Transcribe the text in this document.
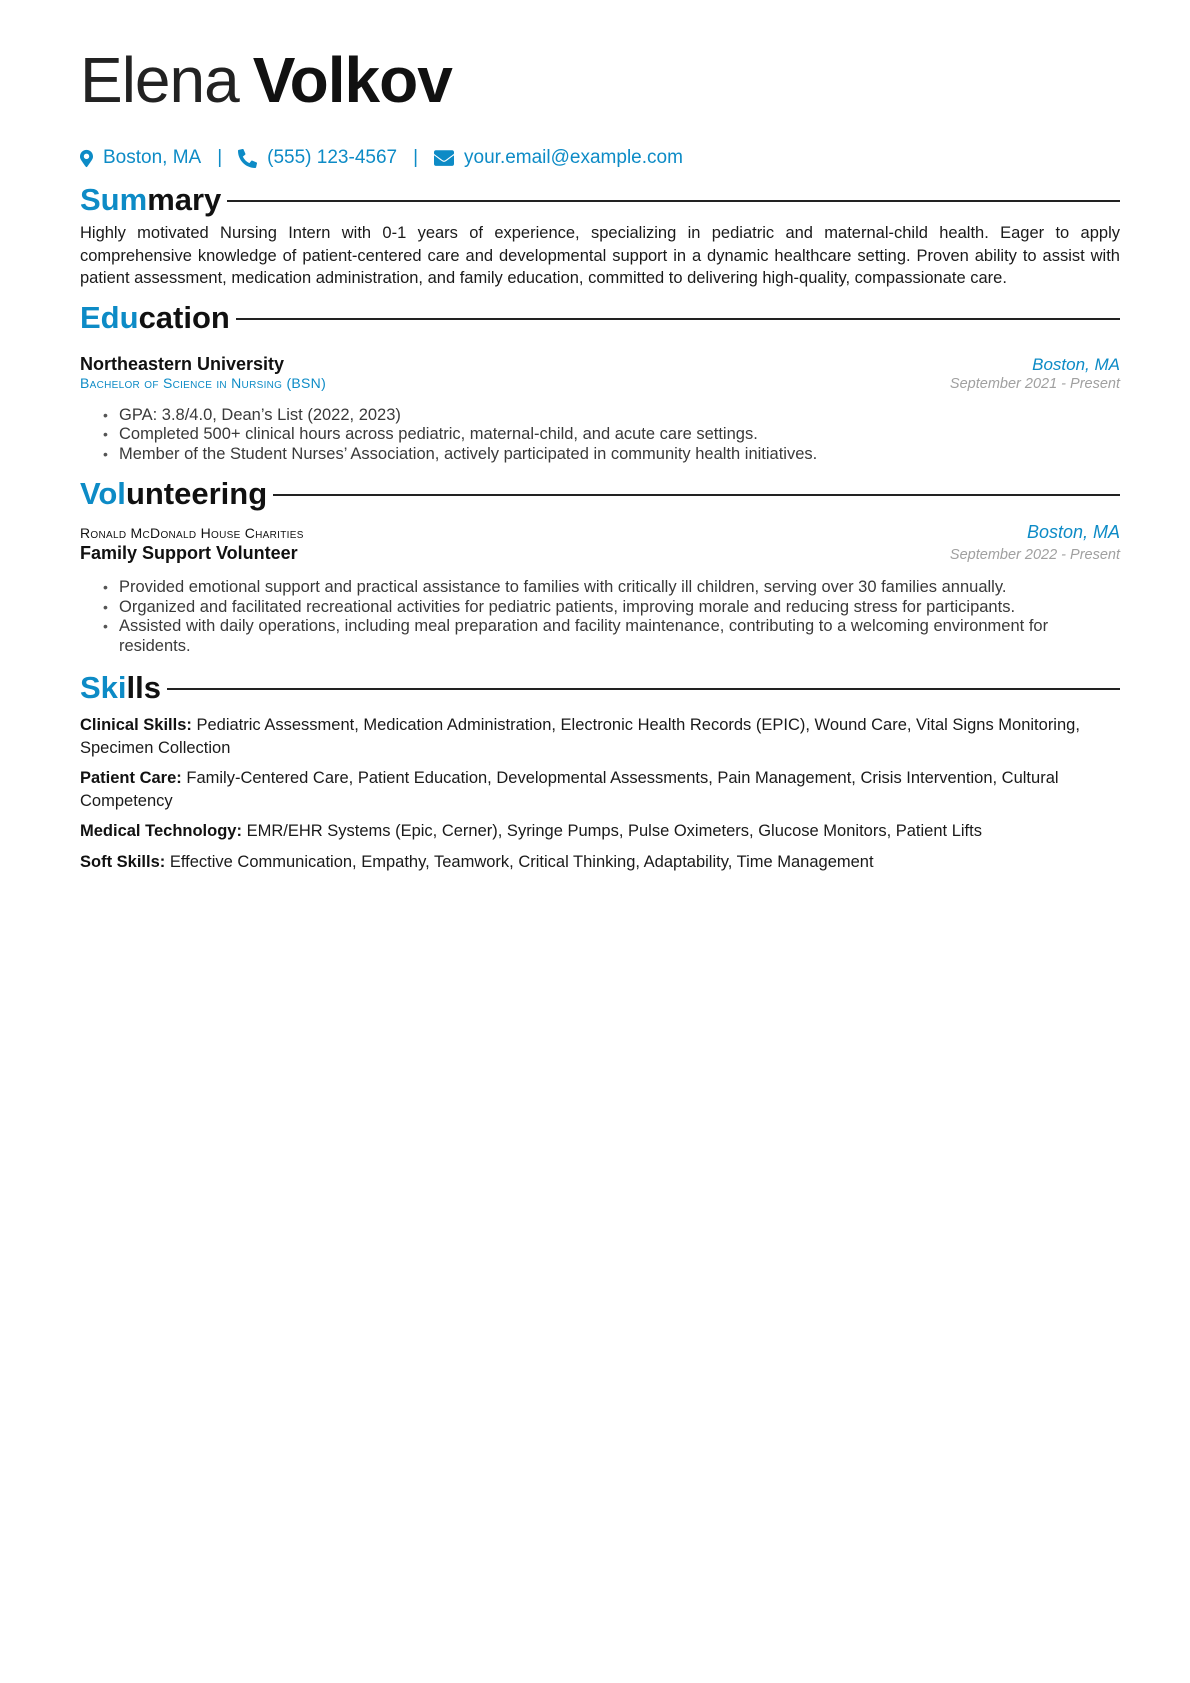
Elena Volkov
Boston, MA | (555) 123-4567 | your.email@example.com
Summary
Highly motivated Nursing Intern with 0-1 years of experience, specializing in pediatric and maternal-child health. Eager to apply comprehensive knowledge of patient-centered care and developmental support in a dynamic healthcare setting. Proven ability to assist with patient assessment, medication administration, and family education, committed to delivering high-quality, compassionate care.
Education
Northeastern University	Boston, MA
Bachelor of Science in Nursing (BSN)	September 2021 - Present
• GPA: 3.8/4.0, Dean’s List (2022, 2023)
• Completed 500+ clinical hours across pediatric, maternal-child, and acute care settings.
• Member of the Student Nurses’ Association, actively participated in community health initiatives.
Volunteering
Ronald McDonald House Charities	Boston, MA
Family Support Volunteer	September 2022 - Present
• Provided emotional support and practical assistance to families with critically ill children, serving over 30 families annually.
• Organized and facilitated recreational activities for pediatric patients, improving morale and reducing stress for participants.
• Assisted with daily operations, including meal preparation and facility maintenance, contributing to a welcoming environment for residents.
Skills
Clinical Skills: Pediatric Assessment, Medication Administration, Electronic Health Records (EPIC), Wound Care, Vital Signs Monitoring, Specimen Collection
Patient Care: Family-Centered Care, Patient Education, Developmental Assessments, Pain Management, Crisis Intervention, Cultural Competency
Medical Technology: EMR/EHR Systems (Epic, Cerner), Syringe Pumps, Pulse Oximeters, Glucose Monitors, Patient Lifts
Soft Skills: Effective Communication, Empathy, Teamwork, Critical Thinking, Adaptability, Time Management
